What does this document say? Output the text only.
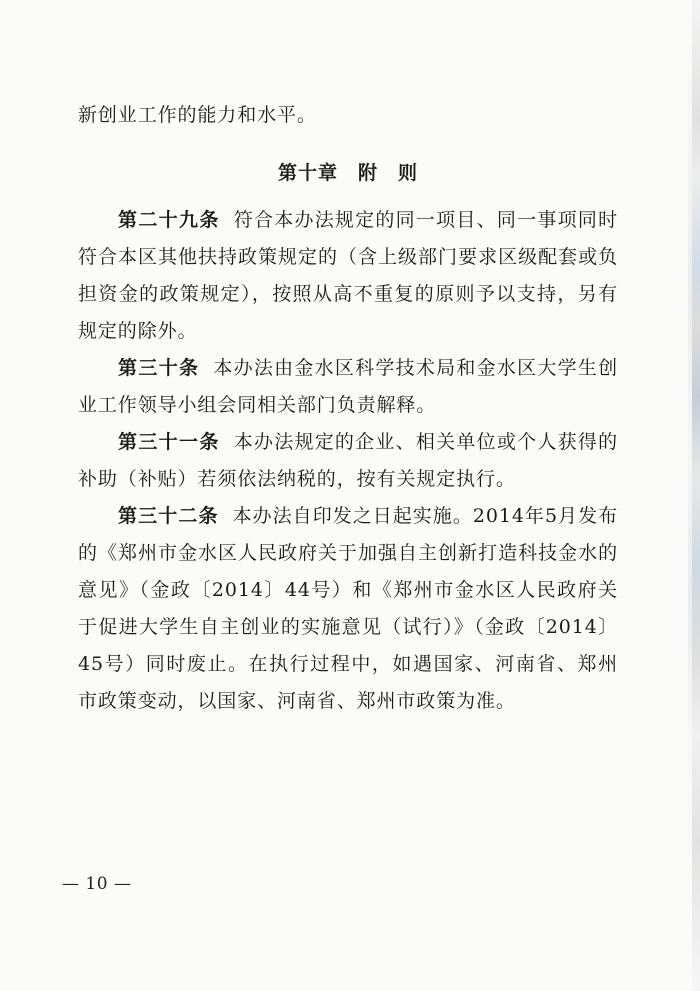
新创业工作的能力和水平。

第十章　附　则

第二十九条 符合本办法规定的同一项目、同一事项同时符合本区其他扶持政策规定的（含上级部门要求区级配套或负担资金的政策规定），按照从高不重复的原则予以支持，另有规定的除外。

第三十条 本办法由金水区科学技术局和金水区大学生创业工作领导小组会同相关部门负责解释。

第三十一条 本办法规定的企业、相关单位或个人获得的补助（补贴）若须依法纳税的，按有关规定执行。

第三十二条 本办法自印发之日起实施。2014年5月发布的《郑州市金水区人民政府关于加强自主创新打造科技金水的意见》（金政〔2014〕44号）和《郑州市金水区人民政府关于促进大学生自主创业的实施意见（试行）》（金政〔2014〕45号）同时废止。在执行过程中，如遇国家、河南省、郑州市政策变动，以国家、河南省、郑州市政策为准。

— 10 —
